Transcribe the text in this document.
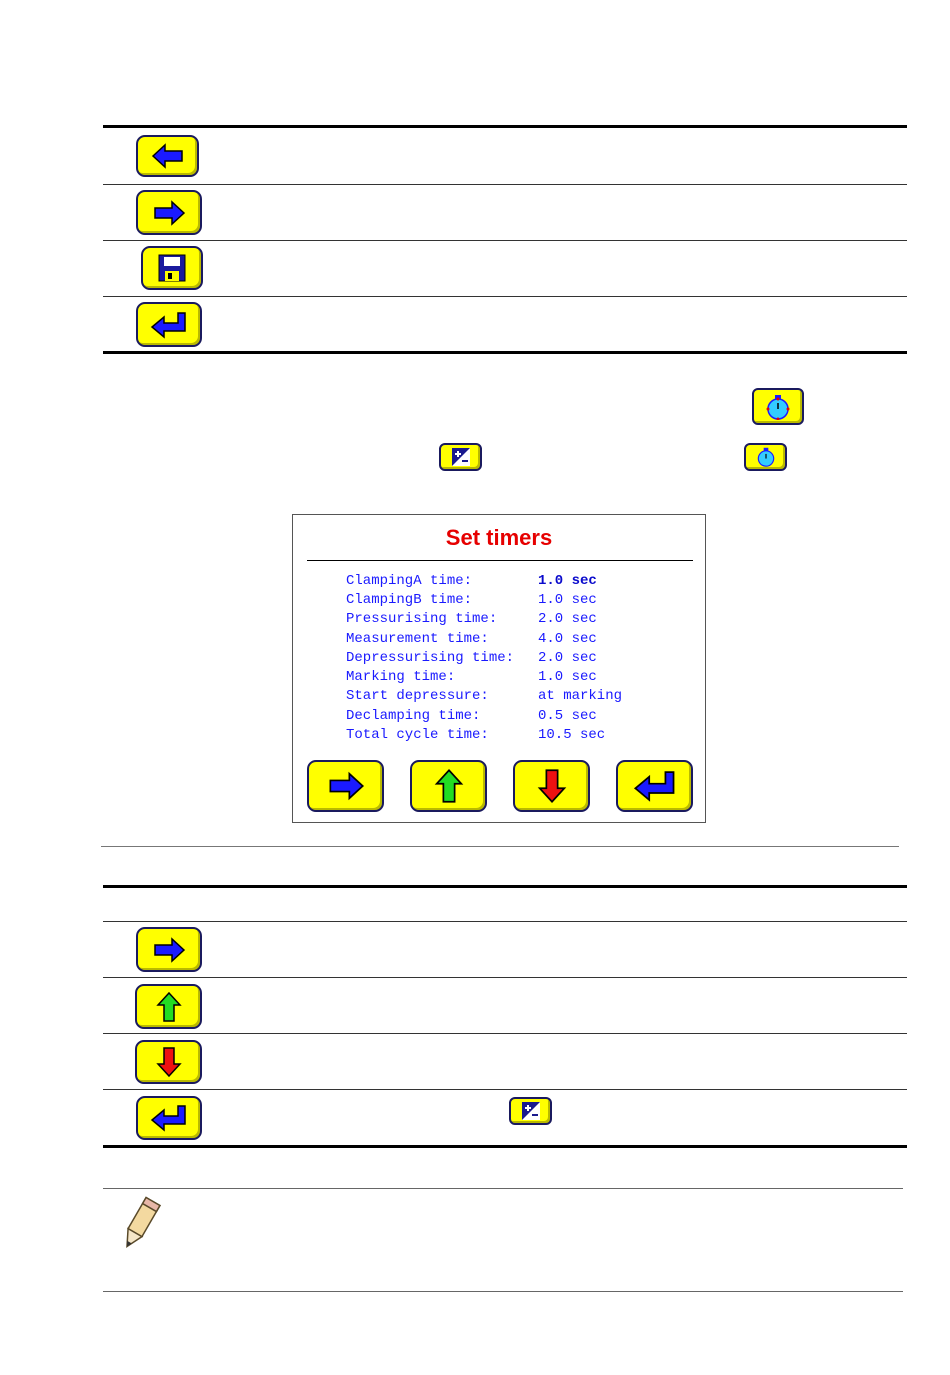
Set timers
ClampingA time:	1.0 sec
ClampingB time:	1.0 sec
Pressurising time:	2.0 sec
Measurement time:	4.0 sec
Depressurising time: 2.0 sec
Marking time:	1.0 sec
Start depressure:	at marking
Declamping time:	0.5 sec
Total cycle time:	10.5 sec
